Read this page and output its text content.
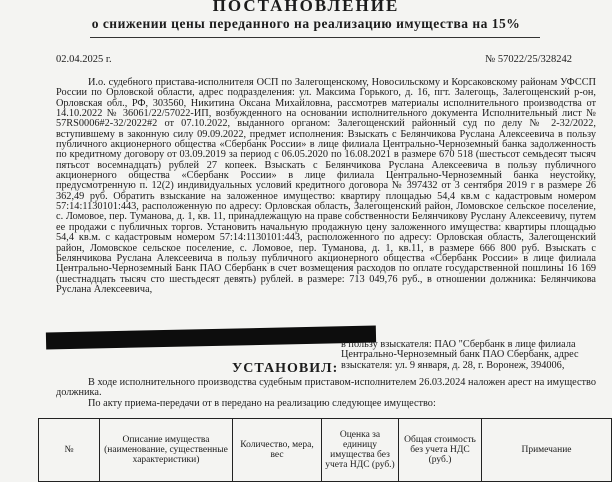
ПОСТАНОВЛЕНИЕ
о снижении цены переданного на реализацию имущества на 15%
02.04.2025 г.	№ 57022/25/328242

И.о. судебного пристава-исполнителя ОСП по Залегощенскому, Новосильскому и Корсаковскому районам УФССП России по Орловской области, адрес подразделения: ул. Максима Горького, д. 16, пгт. Залегощь, Залегощенский р-он, Орловская обл., РФ, 303560, Никитина Оксана Михайловна, рассмотрев материалы исполнительного производства от 14.10.2022 № 36061/22/57022-ИП, возбужденного на основании исполнительного документа Исполнительный лист № 57RS0006#2-32/2022#2 от 07.10.2022, выданного органом: Залегощенский районный суд по делу № 2-32/2022, вступившему в законную силу 09.09.2022, предмет исполнения: Взыскать с Белянчикова Руслана Алексеевича в пользу публичного акционерного общества «Сбербанк России» в лице филиала Центрально-Черноземный банка задолженность по кредитному договору от 03.09.2019 за период с 06.05.2020 по 16.08.2021 в размере 670 518 (шестьсот семьдесят тысяч пятьсот восемнадцать) рублей 27 копеек. Взыскать с Белянчикова Руслана Алексеевича в пользу публичного акционерного общества «Сбербанк России» в лице филиала Центрально-Черноземный банка неустойку, предусмотренную п. 12(2) индивидуальных условий кредитного договора № 397432 от 3 сентября 2019 г в размере 26 362,49 руб. Обратить взыскание на заложенное имущество: квартиру площадью 54,4 кв.м с кадастровым номером 57:14:1130101:443, расположенную по адресу: Орловская область, Залегощенский район, Ломовское сельское поселение, с. Ломовое, пер. Туманова, д. 1, кв. 11, принадлежащую на праве собственности Белянчикову Руслану Алексеевичу, путем ее продажи с публичных торгов. Установить начальную продажную цену заложенного имущества: квартиры площадью 54,4 кв.м. с кадастровым номером 57:14:1130101:443, расположенного по адресу: Орловская область, Залегощенский район, Ломовское сельское поселение, с. Ломовое, пер. Туманова, д. 1, кв.11, в размере 666 800 руб. Взыскать с Белянчикова Руслана Алексеевича в пользу публичного акционерного общества «Сбербанк России» в лице филиала Центрально-Черноземный Банк ПАО Сбербанк в счет возмещения расходов по оплате государственной пошлины 16 169 (шестнадцать тысяч сто шестьдесят девять) рублей. в размере: 713 049,76 руб., в отношении должника: Белянчикова Руслана Алексеевича,

в пользу взыскателя: ПАО "Сбербанк в лице филиала Центрально-Черноземный банк ПАО Сбербанк, адрес взыскателя: ул. 9 января, д. 28, г. Воронеж, 394006,

УСТАНОВИЛ:

В ходе исполнительного производства судебным приставом-исполнителем 26.03.2024 наложен арест на имущество должника.

По акту приема-передачи от в передано на реализацию следующее имущество:

№	Описание имущества (наименование, существенные характеристики)	Количество, мера, вес	Оценка за единицу имущества без учета НДС (руб.)	Общая стоимость без учета НДС (руб.)	Примечание
